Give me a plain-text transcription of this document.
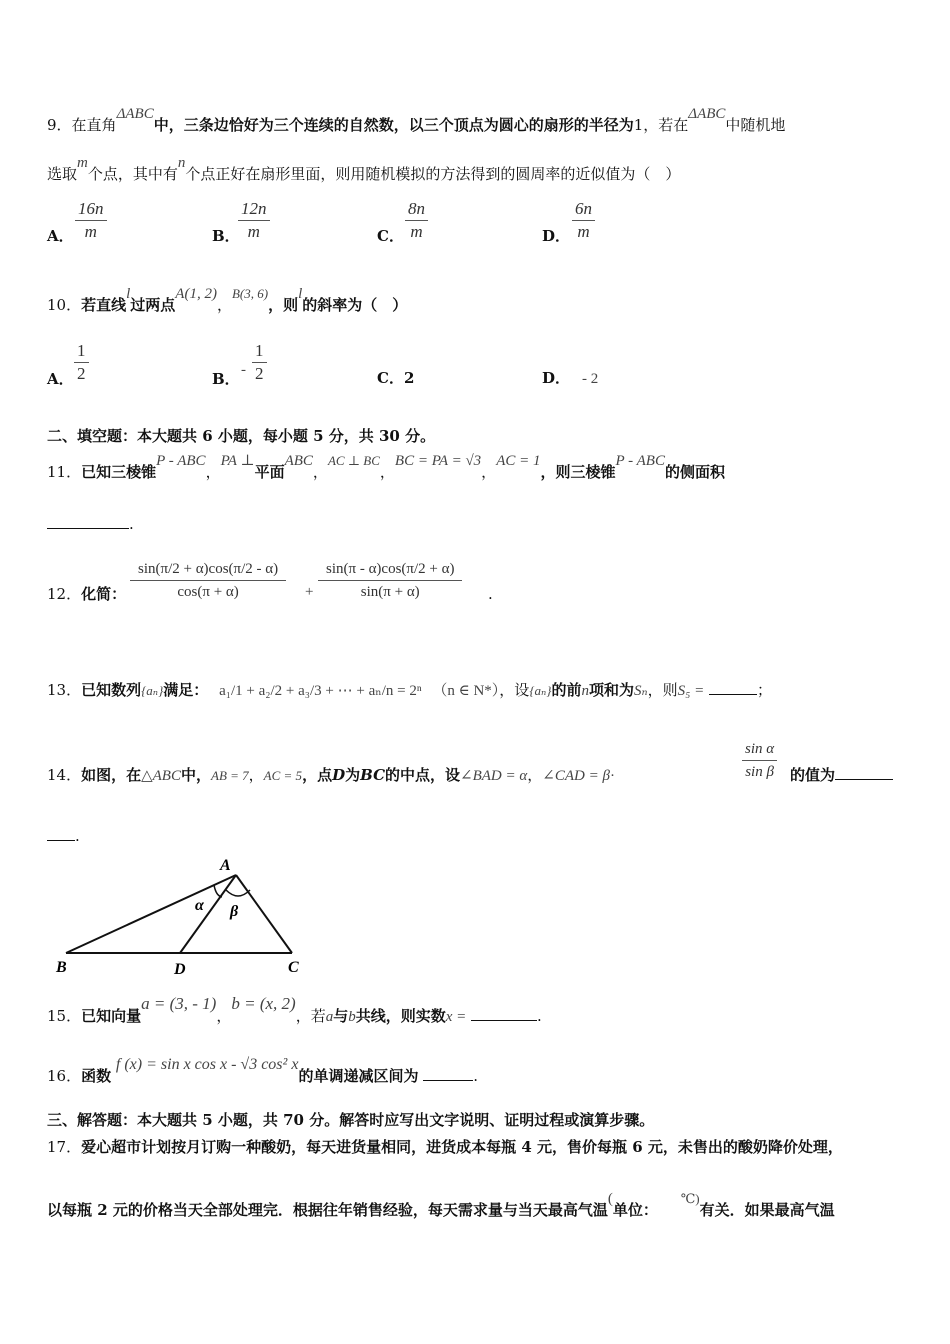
9．在直角ΔABC中，三条边恰好为三个连续的自然数，以三个顶点为圆心的扇形的半径为1，若在ΔABC中随机地
选取m个点，其中有n个点正好在扇形里面，则用随机模拟的方法得到的圆周率的近似值为（　）
A． $\frac{16n}{m}$	B．
$\frac{12n}{m}$	C． $\frac{8n}{m}$	D． $\frac{6n}{m}$
10．若直线l过两点A(1, 2)，B(3, 6)，则l的斜率为（　）
A． $\frac{1}{2}$	B． - $\frac{1}{2}$	C．2	D． - 2
二、填空题：本大题共 6 小题，每小题 5 分，共 30 分。
11．已知三棱锥P - ABC，PA ⊥平面ABC，AC ⊥ BC，BC = PA = √3，AC = 1，则三棱锥P - ABC的侧面积
.
12．化简： $\frac{\sin(\pi/2 + \alpha)\cos(\pi/2 - \alpha)}{\cos(\pi + \alpha)} + \frac{\sin(\pi - \alpha)\cos(\pi/2 + \alpha)}{\sin(\pi + \alpha)}$ .
13．已知数列{aₙ}满足： a₁/1 + a₂/2 + a₃/3 + ⋯ + aₙ/n = 2ⁿ （n ∈ N*），设{aₙ}的前n项和为Sₙ，则S₅ =	；
14．如图，在△ABC中，AB = 7，AC = 5，点D为BC的中点，设∠BAD = α，∠CAD = β·	$\frac{\text{sin α}}{\text{sin β}}$ 的值为
.
A
B	D	C
α β
15．已知向量a = (3, - 1)，b = (x, 2)，若a与b共线，则实数x =	.
16．函数 f (x) = sin x cos x - √3 cos² x的单调递减区间为	.
三、解答题：本大题共 5 小题，共 70 分。解答时应写出文字说明、证明过程或演算步骤。
17．爱心超市计划按月订购一种酸奶，每天进货量相同，进货成本每瓶 4 元，售价每瓶 6 元，未售出的酸奶降价处理，
以每瓶 2 元的价格当天全部处理完．根据往年销售经验，每天需求量与当天最高气温(单位： ℃)有关．如果最高气温
